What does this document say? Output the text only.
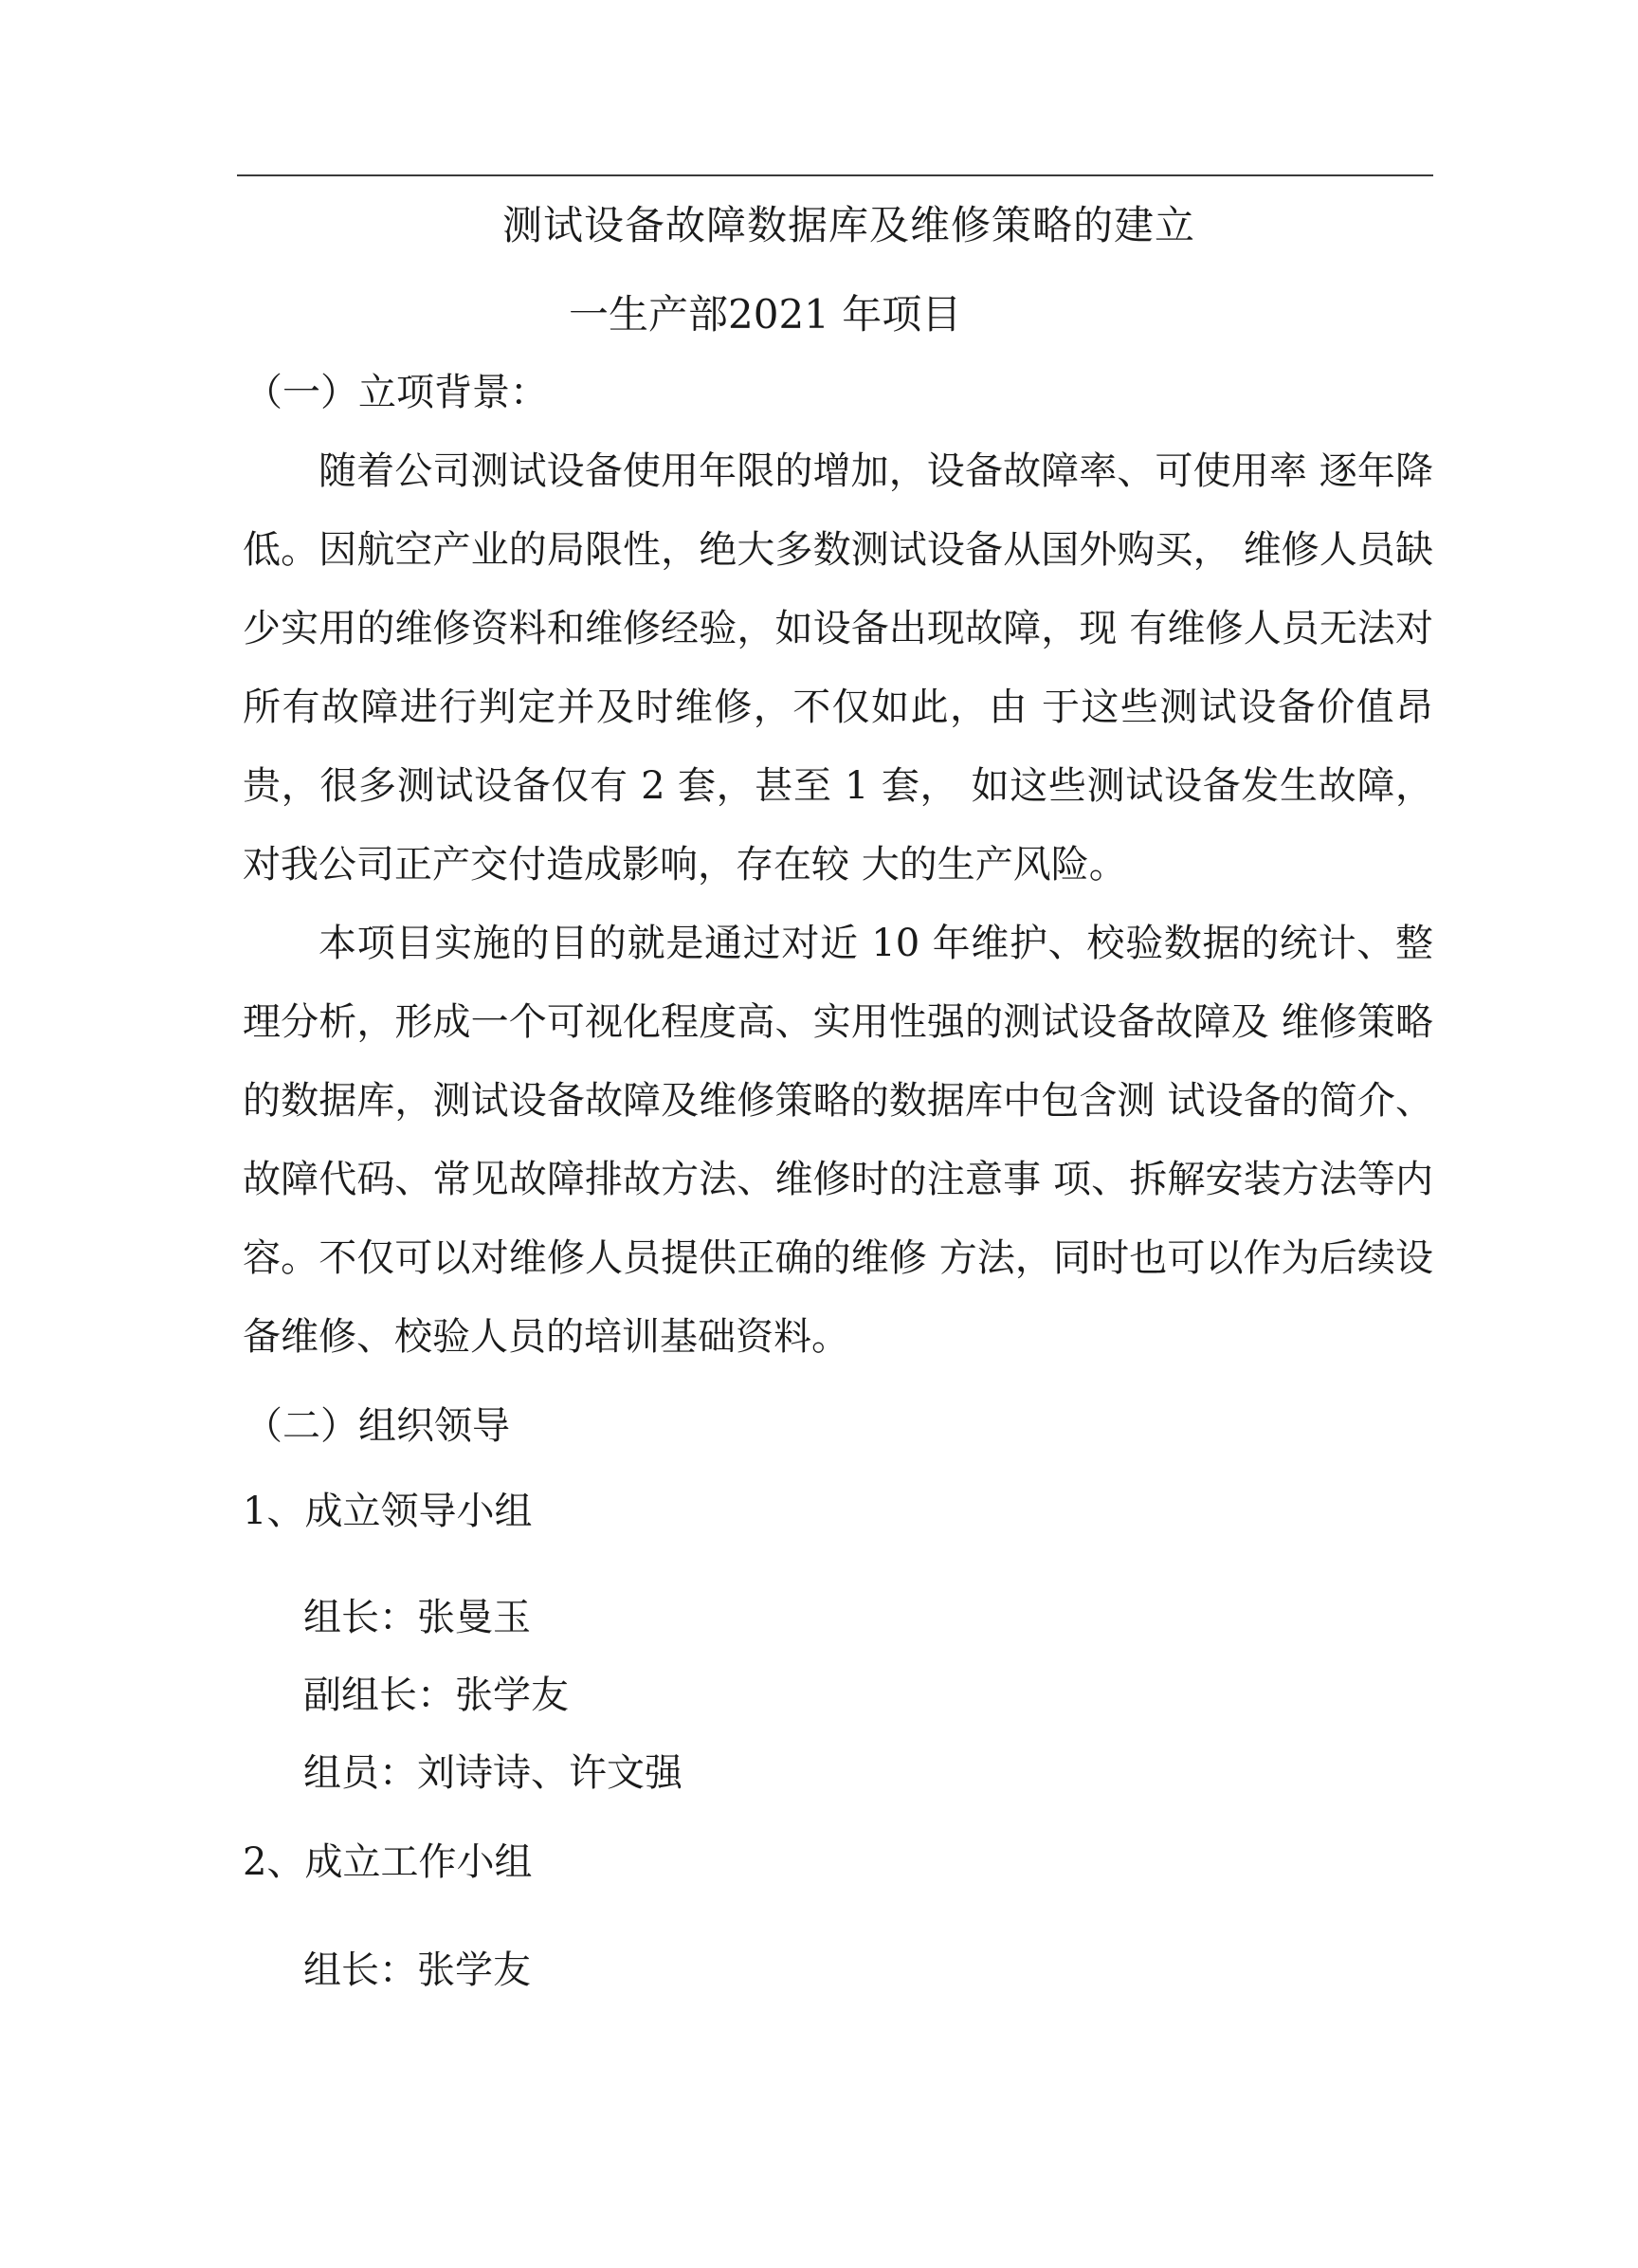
测试设备故障数据库及维修策略的建立
一生产部2021 年项目
（一）立项背景：

随着公司测试设备使用年限的增加，设备故障率、可使用率 逐年降低。因航空产业的局限性，绝大多数测试设备从国外购买， 维修人员缺少实用的维修资料和维修经验，如设备出现故障，现 有维修人员无法对所有故障进行判定并及时维修，不仅如此，由 于这些测试设备价值昂贵，很多测试设备仅有 2 套，甚至 1 套， 如这些测试设备发生故障，对我公司正产交付造成影响，存在较 大的生产风险。

本项目实施的目的就是通过对近 10 年维护、校验数据的统计、整理分析，形成一个可视化程度高、实用性强的测试设备故障及 维修策略的数据库，测试设备故障及维修策略的数据库中包含测 试设备的简介、故障代码、常见故障排故方法、维修时的注意事 项、拆解安装方法等内容。不仅可以对维修人员提供正确的维修 方法，同时也可以作为后续设备维修、校验人员的培训基础资料。

（二）组织领导
1、成立领导小组
组长：张曼玉
副组长：张学友
组员：刘诗诗、许文强
2、成立工作小组
组长：张学友
